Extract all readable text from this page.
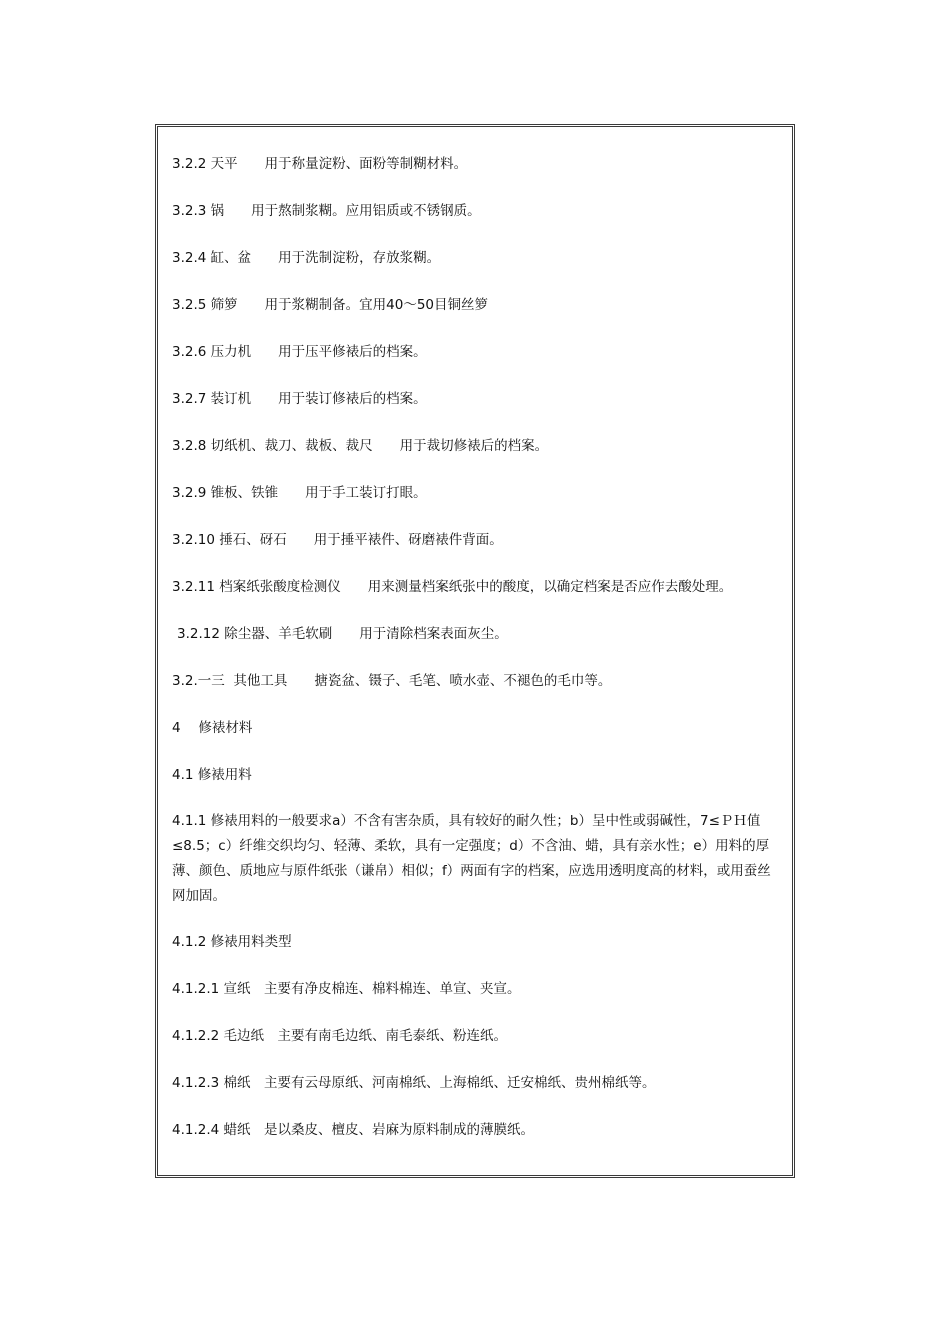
3.2.2 天平　　用于称量淀粉、面粉等制糊材料。

3.2.3 锅　　用于熬制浆糊。应用铝质或不锈钢质。

3.2.4 缸、盆　　用于洗制淀粉，存放浆糊。

3.2.5 筛箩　　用于浆糊制备。宜用40～50目铜丝箩

3.2.6 压力机　　用于压平修裱后的档案。

3.2.7 装订机　　用于装订修裱后的档案。

3.2.8 切纸机、裁刀、裁板、裁尺　　用于裁切修裱后的档案。

3.2.9 锥板、铁锥　　用于手工装订打眼。

3.2.10 捶石、砑石　　用于捶平裱件、砑磨裱件背面。

3.2.11 档案纸张酸度检测仪　　用来测量档案纸张中的酸度，以确定档案是否应作去酸处理。

3.2.12 除尘器、羊毛软刷　　用于清除档案表面灰尘。

3.2.一三  其他工具　　搪瓷盆、镊子、毛笔、喷水壶、不褪色的毛巾等。

4　 修裱材料

4.1 修裱用料

4.1.1 修裱用料的一般要求a）不含有害杂质，具有较好的耐久性；b）呈中性或弱碱性，7≤ＰＨ值≤8.5；c）纤维交织均匀、轻薄、柔软，具有一定强度；d）不含油、蜡，具有亲水性；e）用料的厚薄、颜色、质地应与原件纸张（谦帛）相似；f）两面有字的档案，应选用透明度高的材料，或用蚕丝网加固。

4.1.2 修裱用料类型

4.1.2.1 宣纸　主要有净皮棉连、棉料棉连、单宣、夹宣。

4.1.2.2 毛边纸　主要有南毛边纸、南毛泰纸、粉连纸。

4.1.2.3 棉纸　主要有云母原纸、河南棉纸、上海棉纸、迁安棉纸、贵州棉纸等。

4.1.2.4 蜡纸　是以桑皮、檀皮、岩麻为原料制成的薄膜纸。
